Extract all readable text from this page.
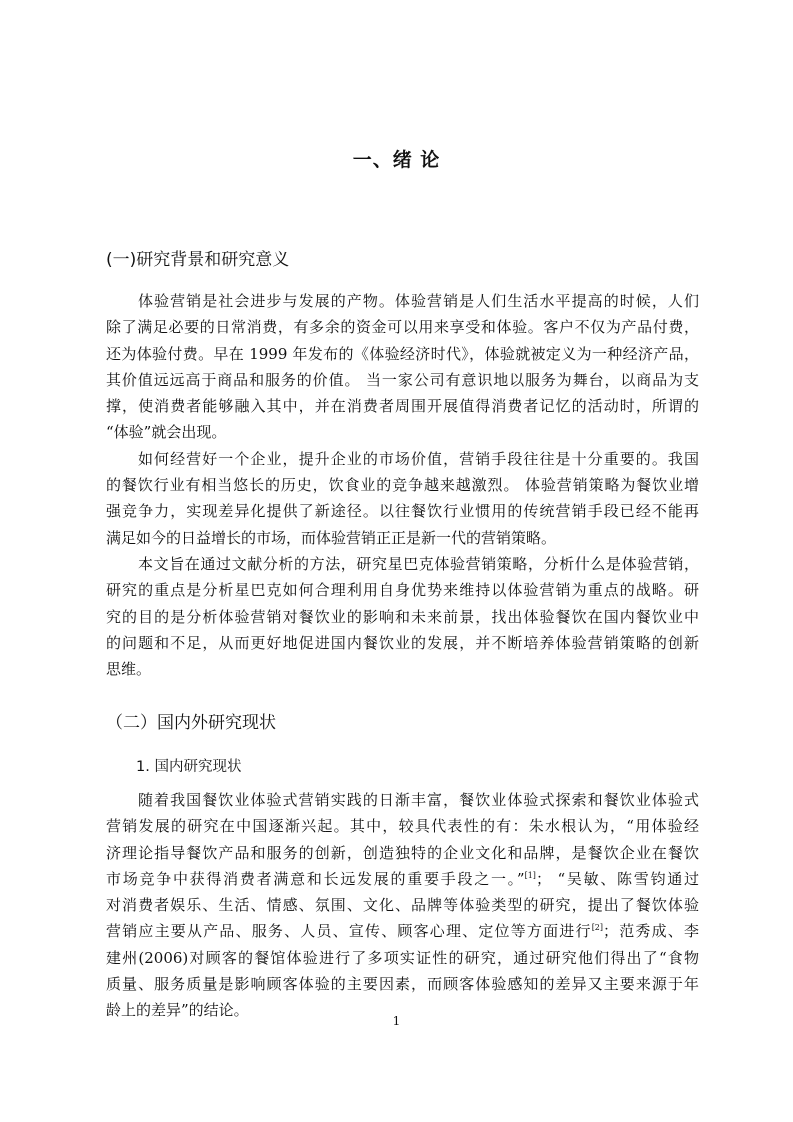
一、绪 论
(一)研究背景和研究意义
体验营销是社会进步与发展的产物。体验营销是人们生活水平提高的时候，人们
除了满足必要的日常消费，有多余的资金可以用来享受和体验。客户不仅为产品付费，
还为体验付费。早在 1999 年发布的《体验经济时代》，体验就被定义为一种经济产品，
其价值远远高于商品和服务的价值。 当一家公司有意识地以服务为舞台，以商品为支
撑，使消费者能够融入其中，并在消费者周围开展值得消费者记忆的活动时，所谓的
“体验”就会出现。
如何经营好一个企业，提升企业的市场价值，营销手段往往是十分重要的。我国
的餐饮行业有相当悠长的历史，饮食业的竞争越来越激烈。 体验营销策略为餐饮业增
强竞争力，实现差异化提供了新途径。以往餐饮行业惯用的传统营销手段已经不能再
满足如今的日益增长的市场，而体验营销正正是新一代的营销策略。
本文旨在通过文献分析的方法，研究星巴克体验营销策略，分析什么是体验营销，
研究的重点是分析星巴克如何合理利用自身优势来维持以体验营销为重点的战略。研
究的目的是分析体验营销对餐饮业的影响和未来前景，找出体验餐饮在国内餐饮业中
的问题和不足，从而更好地促进国内餐饮业的发展，并不断培养体验营销策略的创新
思维。
（二）国内外研究现状
1. 国内研究现状
随着我国餐饮业体验式营销实践的日渐丰富，餐饮业体验式探索和餐饮业体验式
营销发展的研究在中国逐渐兴起。其中，较具代表性的有：朱水根认为，“用体验经
济理论指导餐饮产品和服务的创新，创造独特的企业文化和品牌，是餐饮企业在餐饮
市场竞争中获得消费者满意和长远发展的重要手段之一。”[1]； “吴敏、陈雪钧通过
对消费者娱乐、生活、情感、氛围、文化、品牌等体验类型的研究，提出了餐饮体验
营销应主要从产品、服务、人员、宣传、顾客心理、定位等方面进行[2]；范秀成、李
建州(2006)对顾客的餐馆体验进行了多项实证性的研究，通过研究他们得出了“食物
质量、服务质量是影响顾客体验的主要因素，而顾客体验感知的差异又主要来源于年
龄上的差异”的结论。
1
